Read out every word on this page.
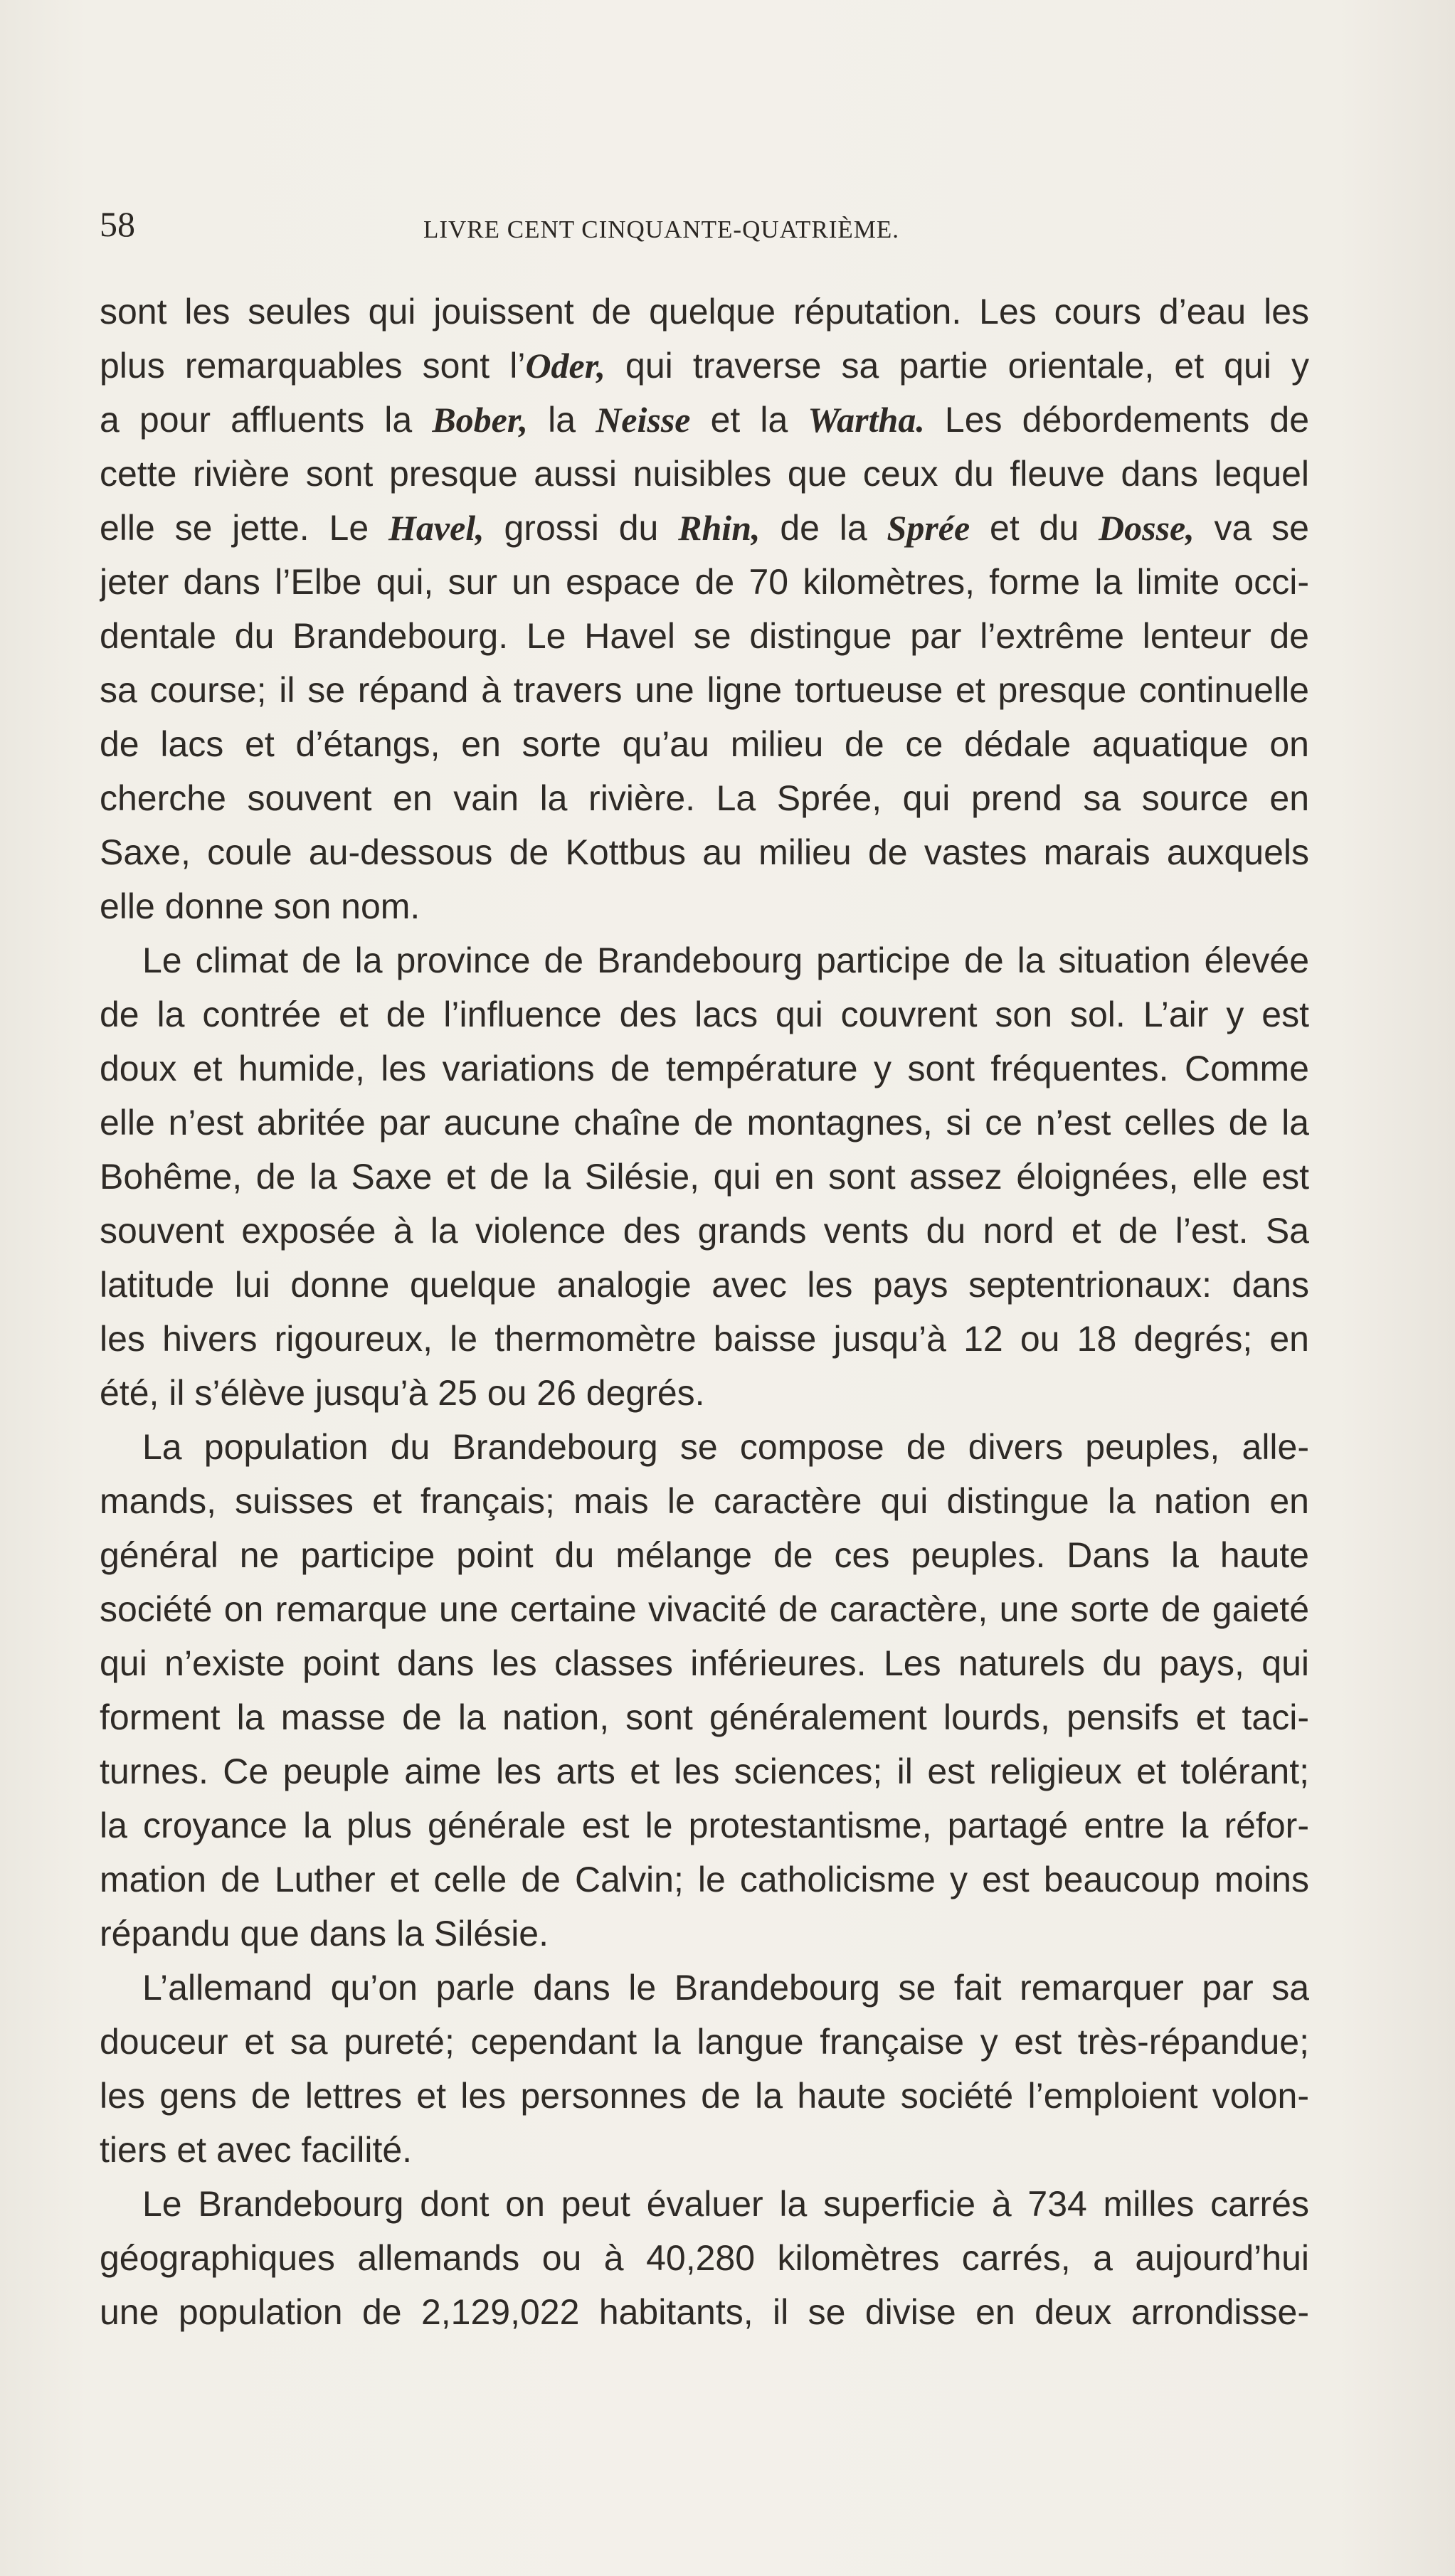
58	LIVRE CENT CINQUANTE-QUATRIÈME.
sont les seules qui jouissent de quelque réputation. Les cours d’eau les
plus remarquables sont l’Oder, qui traverse sa partie orientale, et qui y
a pour affluents la Bober, la Neisse et la Wartha. Les débordements de
cette rivière sont presque aussi nuisibles que ceux du fleuve dans lequel
elle se jette. Le Havel, grossi du Rhin, de la Sprée et du Dosse, va se
jeter dans l’Elbe qui, sur un espace de 70 kilomètres, forme la limite occi-
dentale du Brandebourg. Le Havel se distingue par l’extrême lenteur de
sa course; il se répand à travers une ligne tortueuse et presque continuelle
de lacs et d’étangs, en sorte qu’au milieu de ce dédale aquatique on
cherche souvent en vain la rivière. La Sprée, qui prend sa source en
Saxe, coule au-dessous de Kottbus au milieu de vastes marais auxquels
elle donne son nom.
Le climat de la province de Brandebourg participe de la situation élevée
de la contrée et de l’influence des lacs qui couvrent son sol. L’air y est
doux et humide, les variations de température y sont fréquentes. Comme
elle n’est abritée par aucune chaîne de montagnes, si ce n’est celles de la
Bohême, de la Saxe et de la Silésie, qui en sont assez éloignées, elle est
souvent exposée à la violence des grands vents du nord et de l’est. Sa
latitude lui donne quelque analogie avec les pays septentrionaux: dans
les hivers rigoureux, le thermomètre baisse jusqu’à 12 ou 18 degrés; en
été, il s’élève jusqu’à 25 ou 26 degrés.
La population du Brandebourg se compose de divers peuples, alle-
mands, suisses et français; mais le caractère qui distingue la nation en
général ne participe point du mélange de ces peuples. Dans la haute
société on remarque une certaine vivacité de caractère, une sorte de gaieté
qui n’existe point dans les classes inférieures. Les naturels du pays, qui
forment la masse de la nation, sont généralement lourds, pensifs et taci-
turnes. Ce peuple aime les arts et les sciences; il est religieux et tolérant;
la croyance la plus générale est le protestantisme, partagé entre la réfor-
mation de Luther et celle de Calvin; le catholicisme y est beaucoup moins
répandu que dans la Silésie.
L’allemand qu’on parle dans le Brandebourg se fait remarquer par sa
douceur et sa pureté; cependant la langue française y est très-répandue;
les gens de lettres et les personnes de la haute société l’emploient volon-
tiers et avec facilité.
Le Brandebourg dont on peut évaluer la superficie à 734 milles carrés
géographiques allemands ou à 40,280 kilomètres carrés, a aujourd’hui
une population de 2,129,022 habitants, il se divise en deux arrondisse-
